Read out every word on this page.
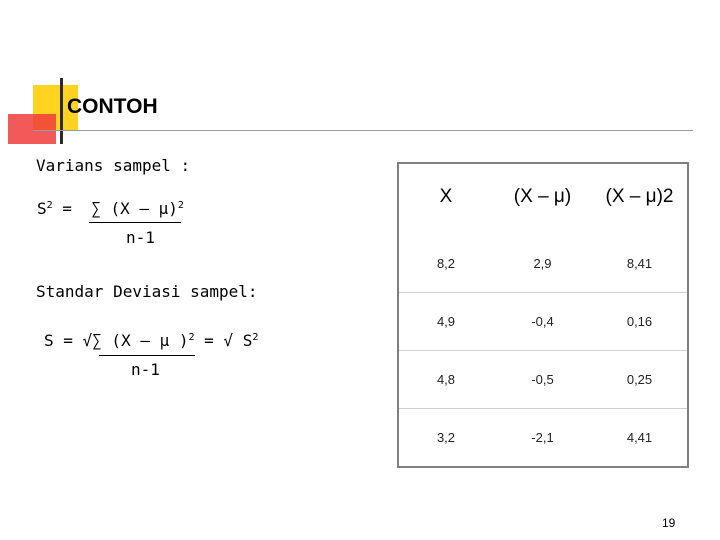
CONTOH
Varians sampel :
$S^2$ =  ∑ (X – μ)$^2$
n-1
Standar Deviasi sampel:
S = √∑ (X – μ )$^2$ = √ $S^2$
n-1
X	(X – μ)	(X – μ)2
8,2	2,9	8,41
4,9	-0,4	0,16
4,8	-0,5	0,25
3,2	-2,1	4,41
19
